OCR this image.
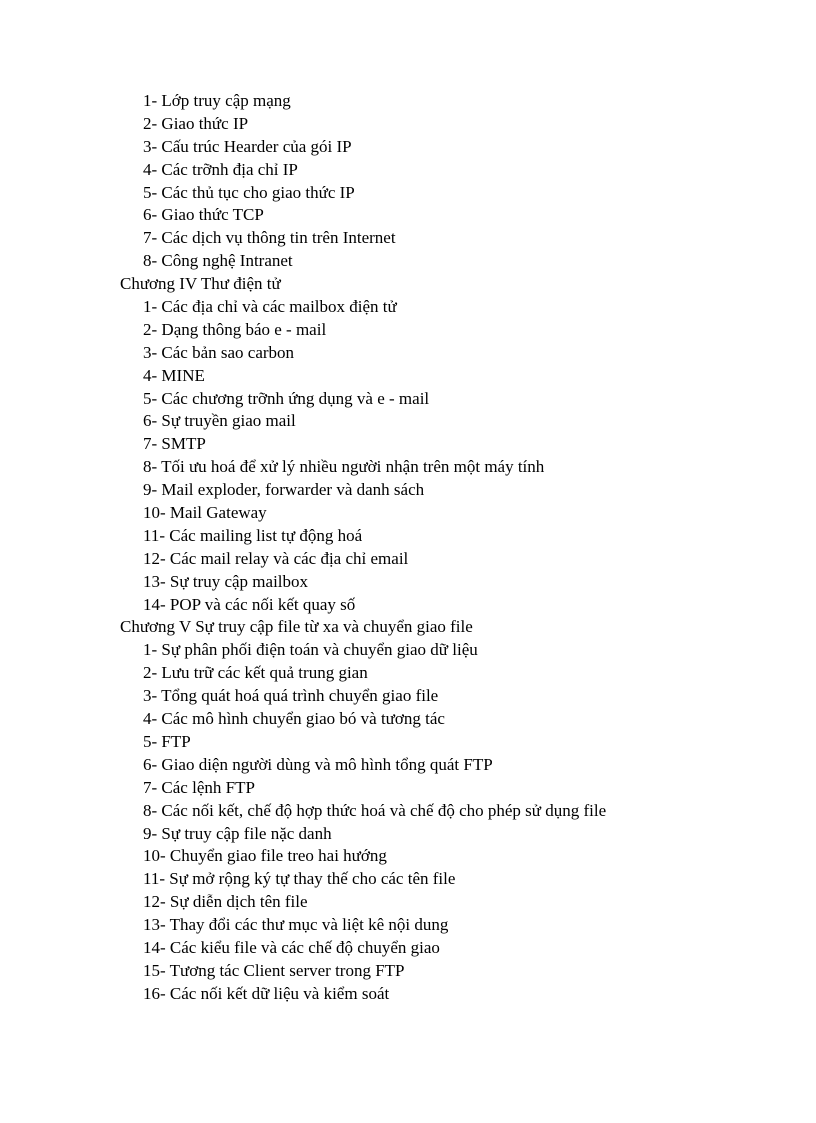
1- Lớp truy cập mạng
2- Giao thức IP
3- Cấu trúc Hearder của gói IP
4- Các trỡnh địa chỉ IP
5- Các thủ tục cho giao thức IP
6- Giao thức TCP
7- Các dịch vụ thông tin trên Internet
8- Công nghệ Intranet
Chương IV Thư điện tử
1- Các địa chỉ và các mailbox điện tử
2- Dạng thông báo e - mail
3- Các bản sao carbon
4- MINE
5- Các chương trỡnh ứng dụng và e - mail
6- Sự truyền giao mail
7- SMTP
8- Tối ưu hoá để xử lý nhiều người nhận trên một máy tính
9- Mail exploder, forwarder và danh sách
10- Mail Gateway
11- Các mailing list tự động hoá
12- Các mail relay và các địa chỉ email
13- Sự truy cập mailbox
14- POP và các nối kết quay số
Chương V Sự truy cập file từ xa và chuyển giao file
1- Sự phân phối điện toán và chuyển giao dữ liệu
2- Lưu trữ các kết quả trung gian
3- Tổng quát hoá quá trình chuyển giao file
4- Các mô hình chuyển giao bó và tương tác
5- FTP
6- Giao diện người dùng và mô hình tổng quát FTP
7- Các lệnh FTP
8- Các nối kết, chế độ hợp thức hoá và chế độ cho phép sử dụng file
9- Sự truy cập file nặc danh
10- Chuyển giao file treo hai hướng
11- Sự mở rộng ký tự thay thế cho các tên file
12- Sự diễn dịch tên file
13- Thay đổi các thư mục và liệt kê nội dung
14- Các kiểu file và các chế độ chuyển giao
15- Tương tác Client server trong FTP
16- Các nối kết dữ liệu và kiểm soát
